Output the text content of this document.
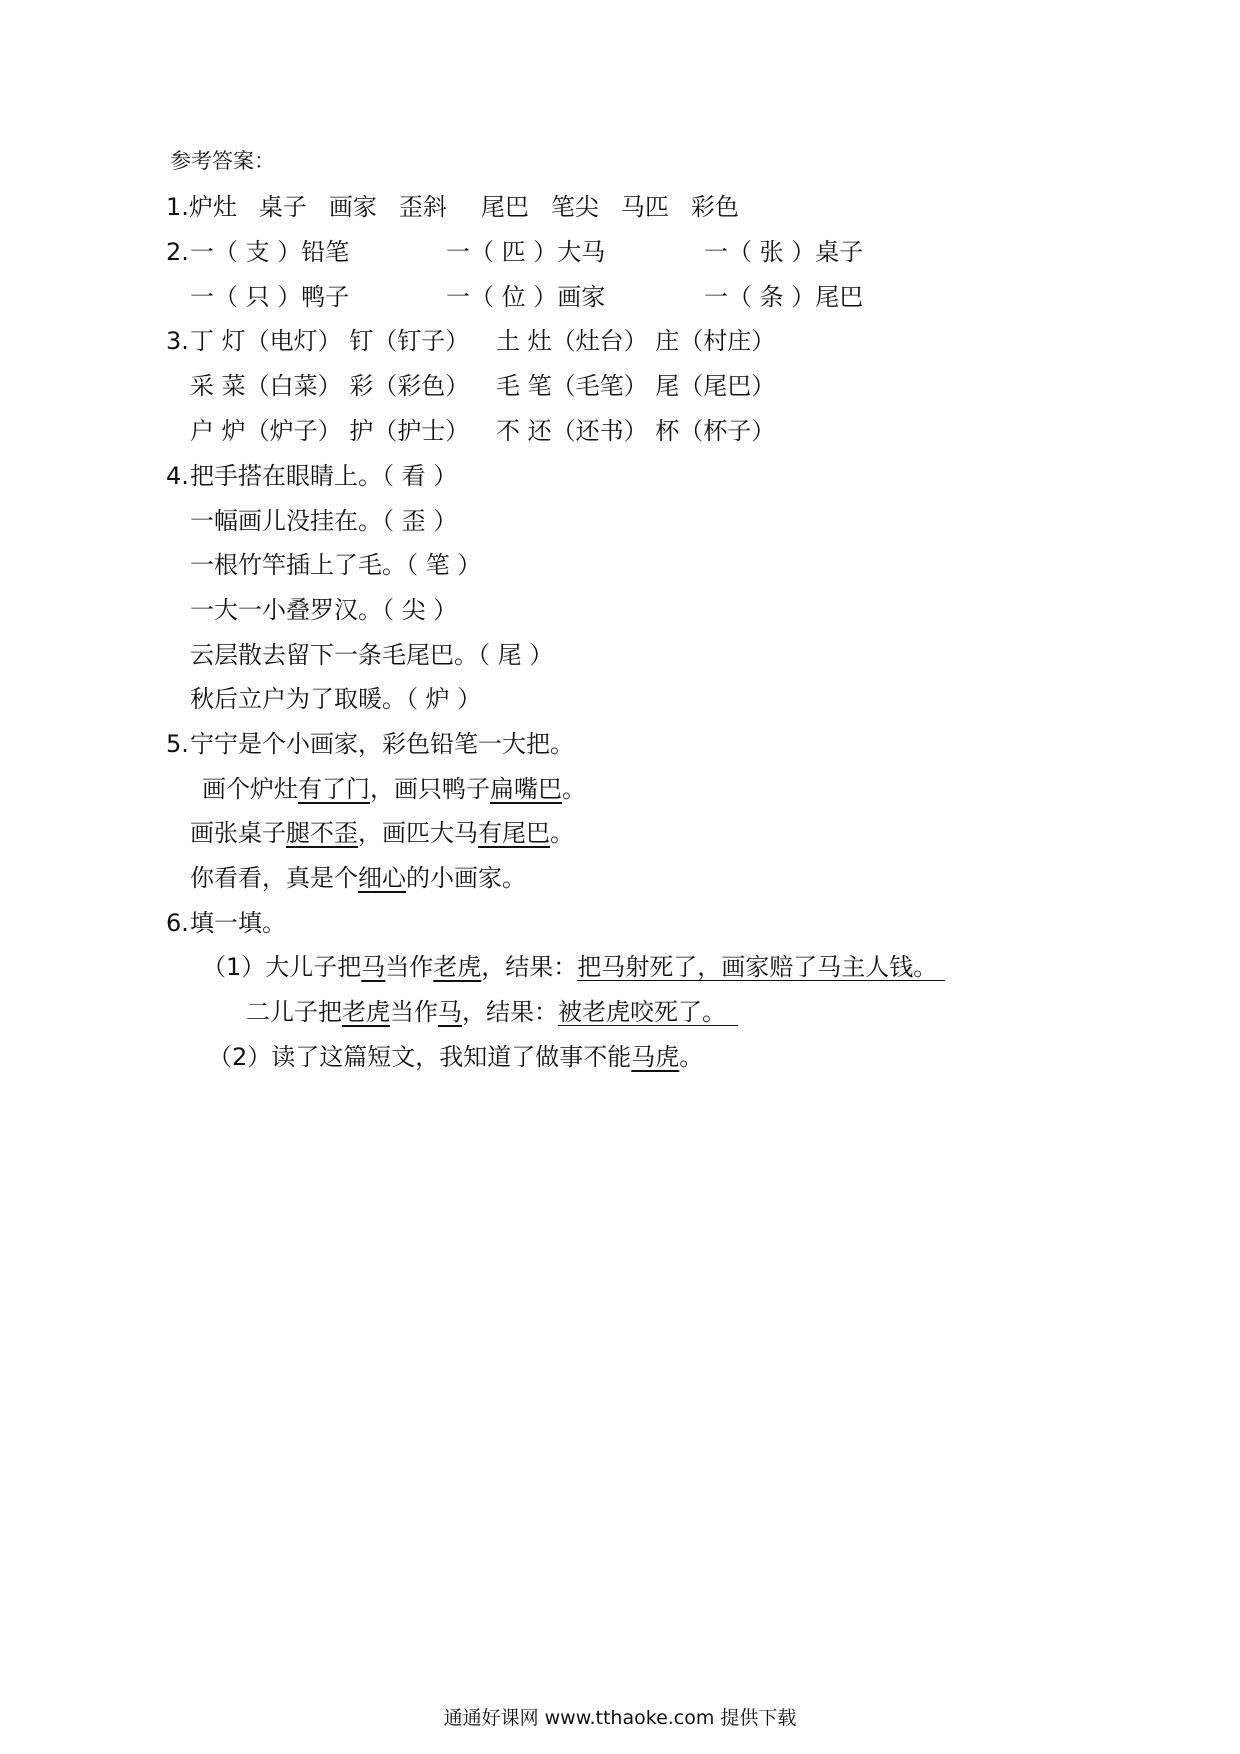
参考答案：
1.炉灶 桌子 画家 歪斜 尾巴 笔尖 马匹 彩色
2. 一（ 支 ）铅笔	一（ 匹 ）大马	一（ 张 ）桌子
一（ 只 ）鸭子	一（ 位 ）画家	一（ 条 ）尾巴
3. 丁 灯（电灯） 钉（钉子） 土 灶（灶台） 庄（村庄）
采 菜（白菜） 彩（彩色） 毛 笔（毛笔） 尾（尾巴）
户 炉（炉子） 护（护士） 不 还（还书） 杯（杯子）
4. 把手搭在眼睛上。（ 看 ）
一幅画儿没挂在。（ 歪 ）
一根竹竿插上了毛。（ 笔 ）
一大一小叠罗汉。（ 尖 ）
云层散去留下一条毛尾巴。（ 尾 ）
秋后立户为了取暖。（ 炉 ）
5. 宁宁是个小画家，彩色铅笔一大把。
画个炉灶有了门，画只鸭子扁嘴巴。
画张桌子腿不歪，画匹大马有尾巴。
你看看，真是个细心的小画家。
6. 填一填。
（1）大儿子把马当作老虎，结果：把马射死了，画家赔了马主人钱。
二儿子把老虎当作马，结果：被老虎咬死了。
（2）读了这篇短文，我知道了做事不能马虎。
通通好课网 www.tthaoke.com 提供下载
